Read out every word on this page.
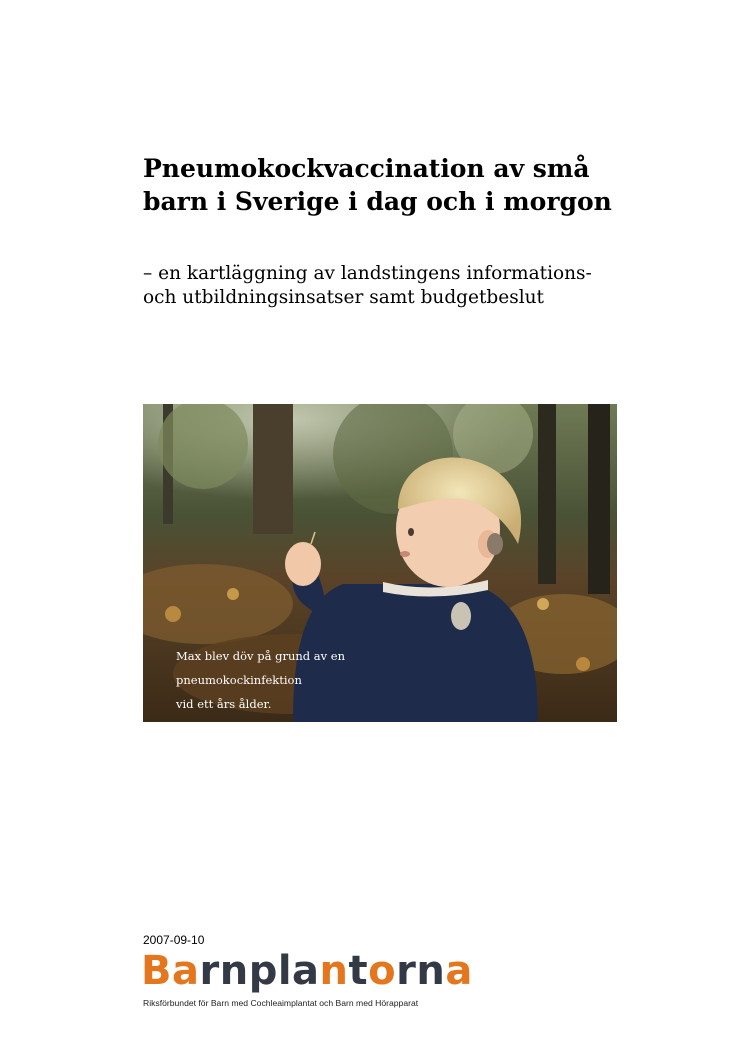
Pneumokockvaccination av små barn i Sverige i dag och i morgon

– en kartläggning av landstingens informations- och utbildningsinsatser samt budgetbeslut

Max blev döv på grund av en
pneumokockinfektion
vid ett års ålder.
2007-09-10
Barnplantorna
Riksförbundet för Barn med Cochleaimplantat och Barn med Hörapparat
